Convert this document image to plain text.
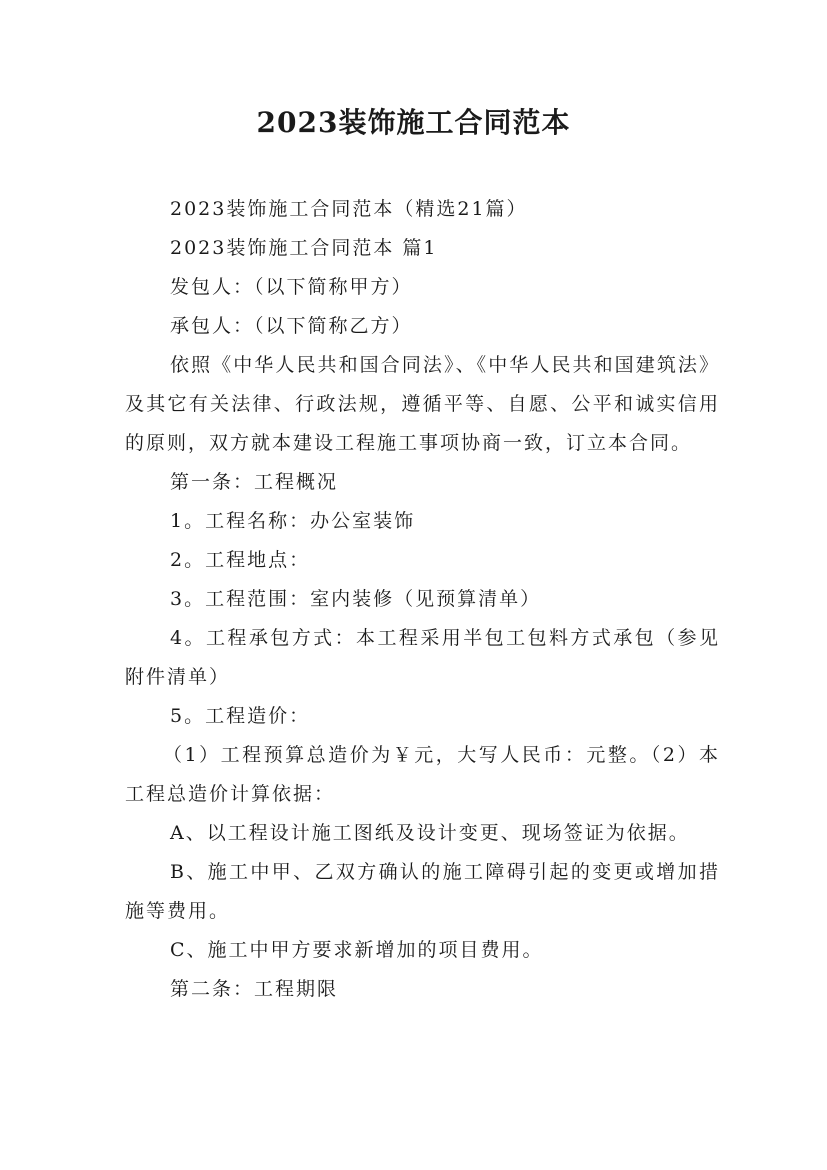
2023装饰施工合同范本

2023装饰施工合同范本（精选21篇）

2023装饰施工合同范本 篇1

发包人：（以下简称甲方）

承包人：（以下简称乙方）

依照《中华人民共和国合同法》、《中华人民共和国建筑法》及其它有关法律、行政法规，遵循平等、自愿、公平和诚实信用的原则，双方就本建设工程施工事项协商一致，订立本合同。

第一条：工程概况

1。工程名称：办公室装饰

2。工程地点：

3。工程范围：室内装修（见预算清单）

4。工程承包方式：本工程采用半包工包料方式承包（参见附件清单）

5。工程造价：

（1）工程预算总造价为￥元，大写人民币：元整。（2）本工程总造价计算依据：

A、以工程设计施工图纸及设计变更、现场签证为依据。

B、施工中甲、乙双方确认的施工障碍引起的变更或增加措施等费用。

C、施工中甲方要求新增加的项目费用。

第二条：工程期限
